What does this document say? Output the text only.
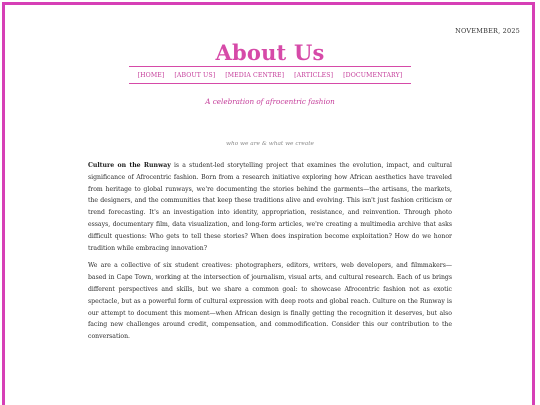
NOVEMBER, 2025
About Us
[HOME] [ABOUT US] [MEDIA CENTRE] [ARTICLES] [DOCUMENTARY]
A celebration of afrocentric fashion
who we are & what we create

Culture on the Runway is a student-led storytelling project that examines the evolution, impact, and cultural significance of Afrocentric fashion. Born from a research initiative exploring how African aesthetics have traveled from heritage to global runways, we're documenting the stories behind the garments—the artisans, the markets, the designers, and the communities that keep these traditions alive and evolving. This isn't just fashion criticism or trend forecasting. It's an investigation into identity, appropriation, resistance, and reinvention. Through photo essays, documentary film, data visualization, and long-form articles, we're creating a multimedia archive that asks difficult questions: Who gets to tell these stories? When does inspiration become exploitation? How do we honor tradition while embracing innovation?

We are a collective of six student creatives: photographers, editors, writers, web developers, and filmmakers—based in Cape Town, working at the intersection of journalism, visual arts, and cultural research. Each of us brings different perspectives and skills, but we share a common goal: to showcase Afrocentric fashion not as exotic spectacle, but as a powerful form of cultural expression with deep roots and global reach. Culture on the Runway is our attempt to document this moment—when African design is finally getting the recognition it deserves, but also facing new challenges around credit, compensation, and commodification. Consider this our contribution to the conversation.
